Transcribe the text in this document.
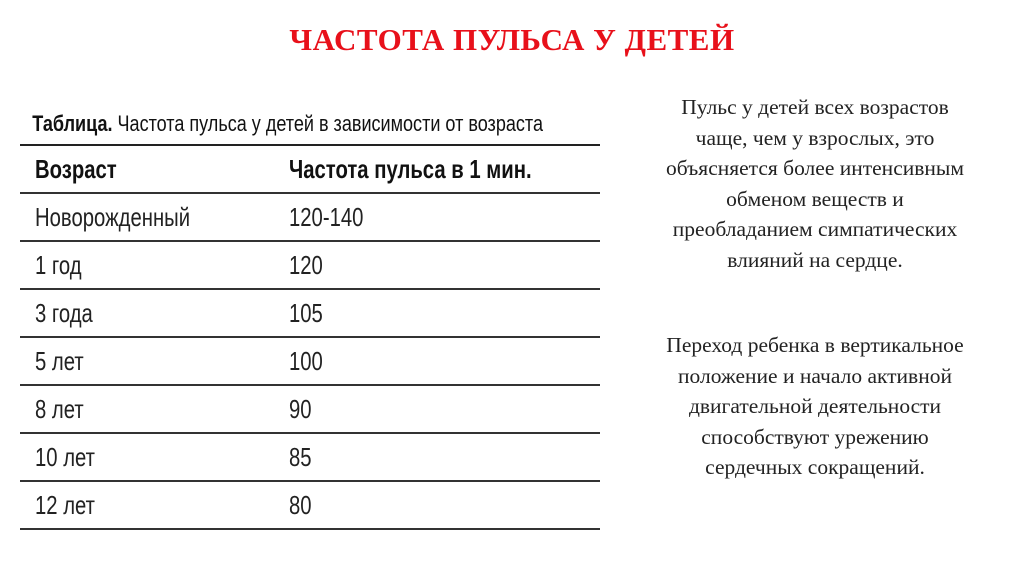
ЧАСТОТА ПУЛЬСА У ДЕТЕЙ
Таблица. Частота пульса у детей в зависимости от возраста
Возраст	Частота пульса в 1 мин.
Новорожденный	120-140
1 год	120
3 года	105
5 лет	100
8 лет	90
10 лет	85
12 лет	80
Пульс у детей всех возрастов
чаще, чем у взрослых, это
объясняется более интенсивным
обменом веществ и
преобладанием симпатических
влияний на сердце.
Переход ребенка в вертикальное
положение и начало активной
двигательной деятельности
способствуют урежению
сердечных сокращений.
